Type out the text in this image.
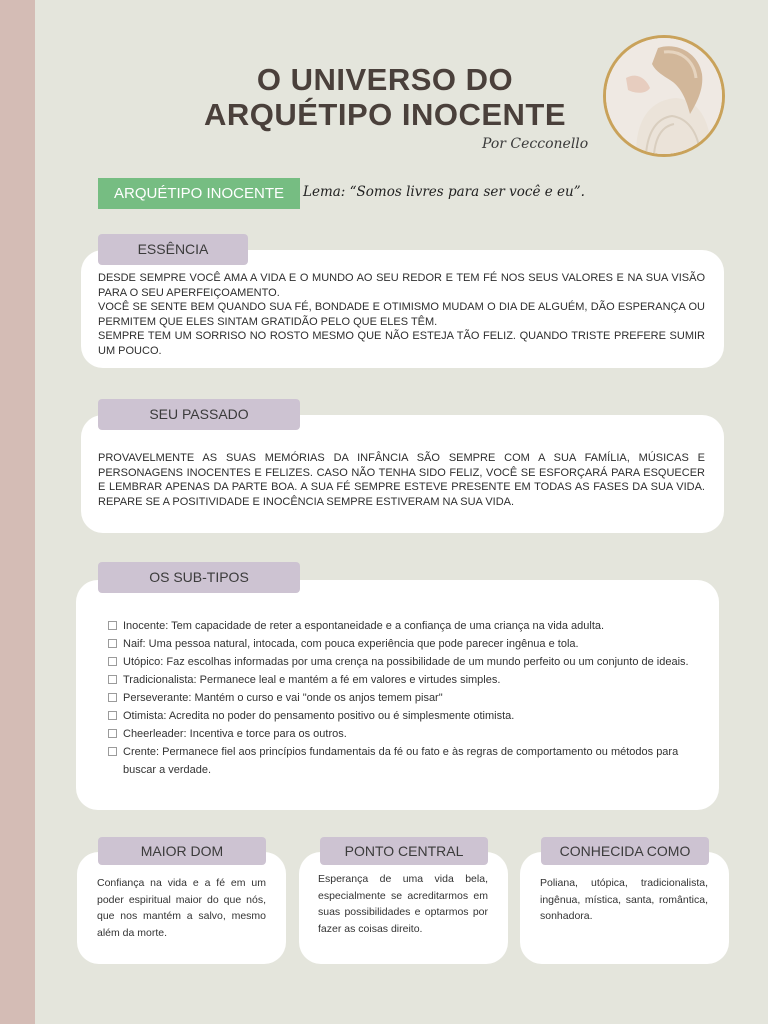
O UNIVERSO DO
ARQUÉTIPO INOCENTE
Por Cecconello
ARQUÉTIPO INOCENTE	Lema: “Somos livres para ser você e eu”.
ESSÊNCIA
DESDE SEMPRE VOCÊ AMA A VIDA E O MUNDO AO SEU REDOR E TEM FÉ NOS SEUS VALORES E NA SUA VISÃO PARA O SEU APERFEIÇOAMENTO.
VOCÊ SE SENTE BEM QUANDO SUA FÉ, BONDADE E OTIMISMO MUDAM O DIA DE ALGUÉM, DÃO ESPERANÇA OU PERMITEM QUE ELES SINTAM GRATIDÃO PELO QUE ELES TÊM.
SEMPRE TEM UM SORRISO NO ROSTO MESMO QUE NÃO ESTEJA TÃO FELIZ. QUANDO TRISTE PREFERE SUMIR UM POUCO.
SEU PASSADO
PROVAVELMENTE AS SUAS MEMÓRIAS DA INFÂNCIA SÃO SEMPRE COM A SUA FAMÍLIA, MÚSICAS E PERSONAGENS INOCENTES E FELIZES. CASO NÃO TENHA SIDO FELIZ, VOCÊ SE ESFORÇARÁ PARA ESQUECER E LEMBRAR APENAS DA PARTE BOA. A SUA FÉ SEMPRE ESTEVE PRESENTE EM TODAS AS FASES DA SUA VIDA. REPARE SE A POSITIVIDADE E INOCÊNCIA SEMPRE ESTIVERAM NA SUA VIDA.
OS SUB-TIPOS
Inocente: Tem capacidade de reter a espontaneidade e a confiança de uma criança na vida adulta.
Naif: Uma pessoa natural, intocada, com pouca experiência que pode parecer ingênua e tola.
Utópico: Faz escolhas informadas por uma crença na possibilidade de um mundo perfeito ou um conjunto de ideais.
Tradicionalista: Permanece leal e mantém a fé em valores e virtudes simples.
Perseverante: Mantém o curso e vai "onde os anjos temem pisar"
Otimista: Acredita no poder do pensamento positivo ou é simplesmente otimista.
Cheerleader: Incentiva e torce para os outros.
Crente: Permanece fiel aos princípios fundamentais da fé ou fato e às regras de comportamento ou métodos para buscar a verdade.
MAIOR DOM
Confiança na vida e a fé em um poder espiritual maior do que nós, que nos mantém a salvo, mesmo além da morte.
PONTO CENTRAL
Esperança de uma vida bela, especialmente se acreditarmos em suas possibilidades e optarmos por fazer as coisas direito.
CONHECIDA COMO
Poliana, utópica, tradicionalista, ingênua, mística, santa, romântica, sonhadora.
